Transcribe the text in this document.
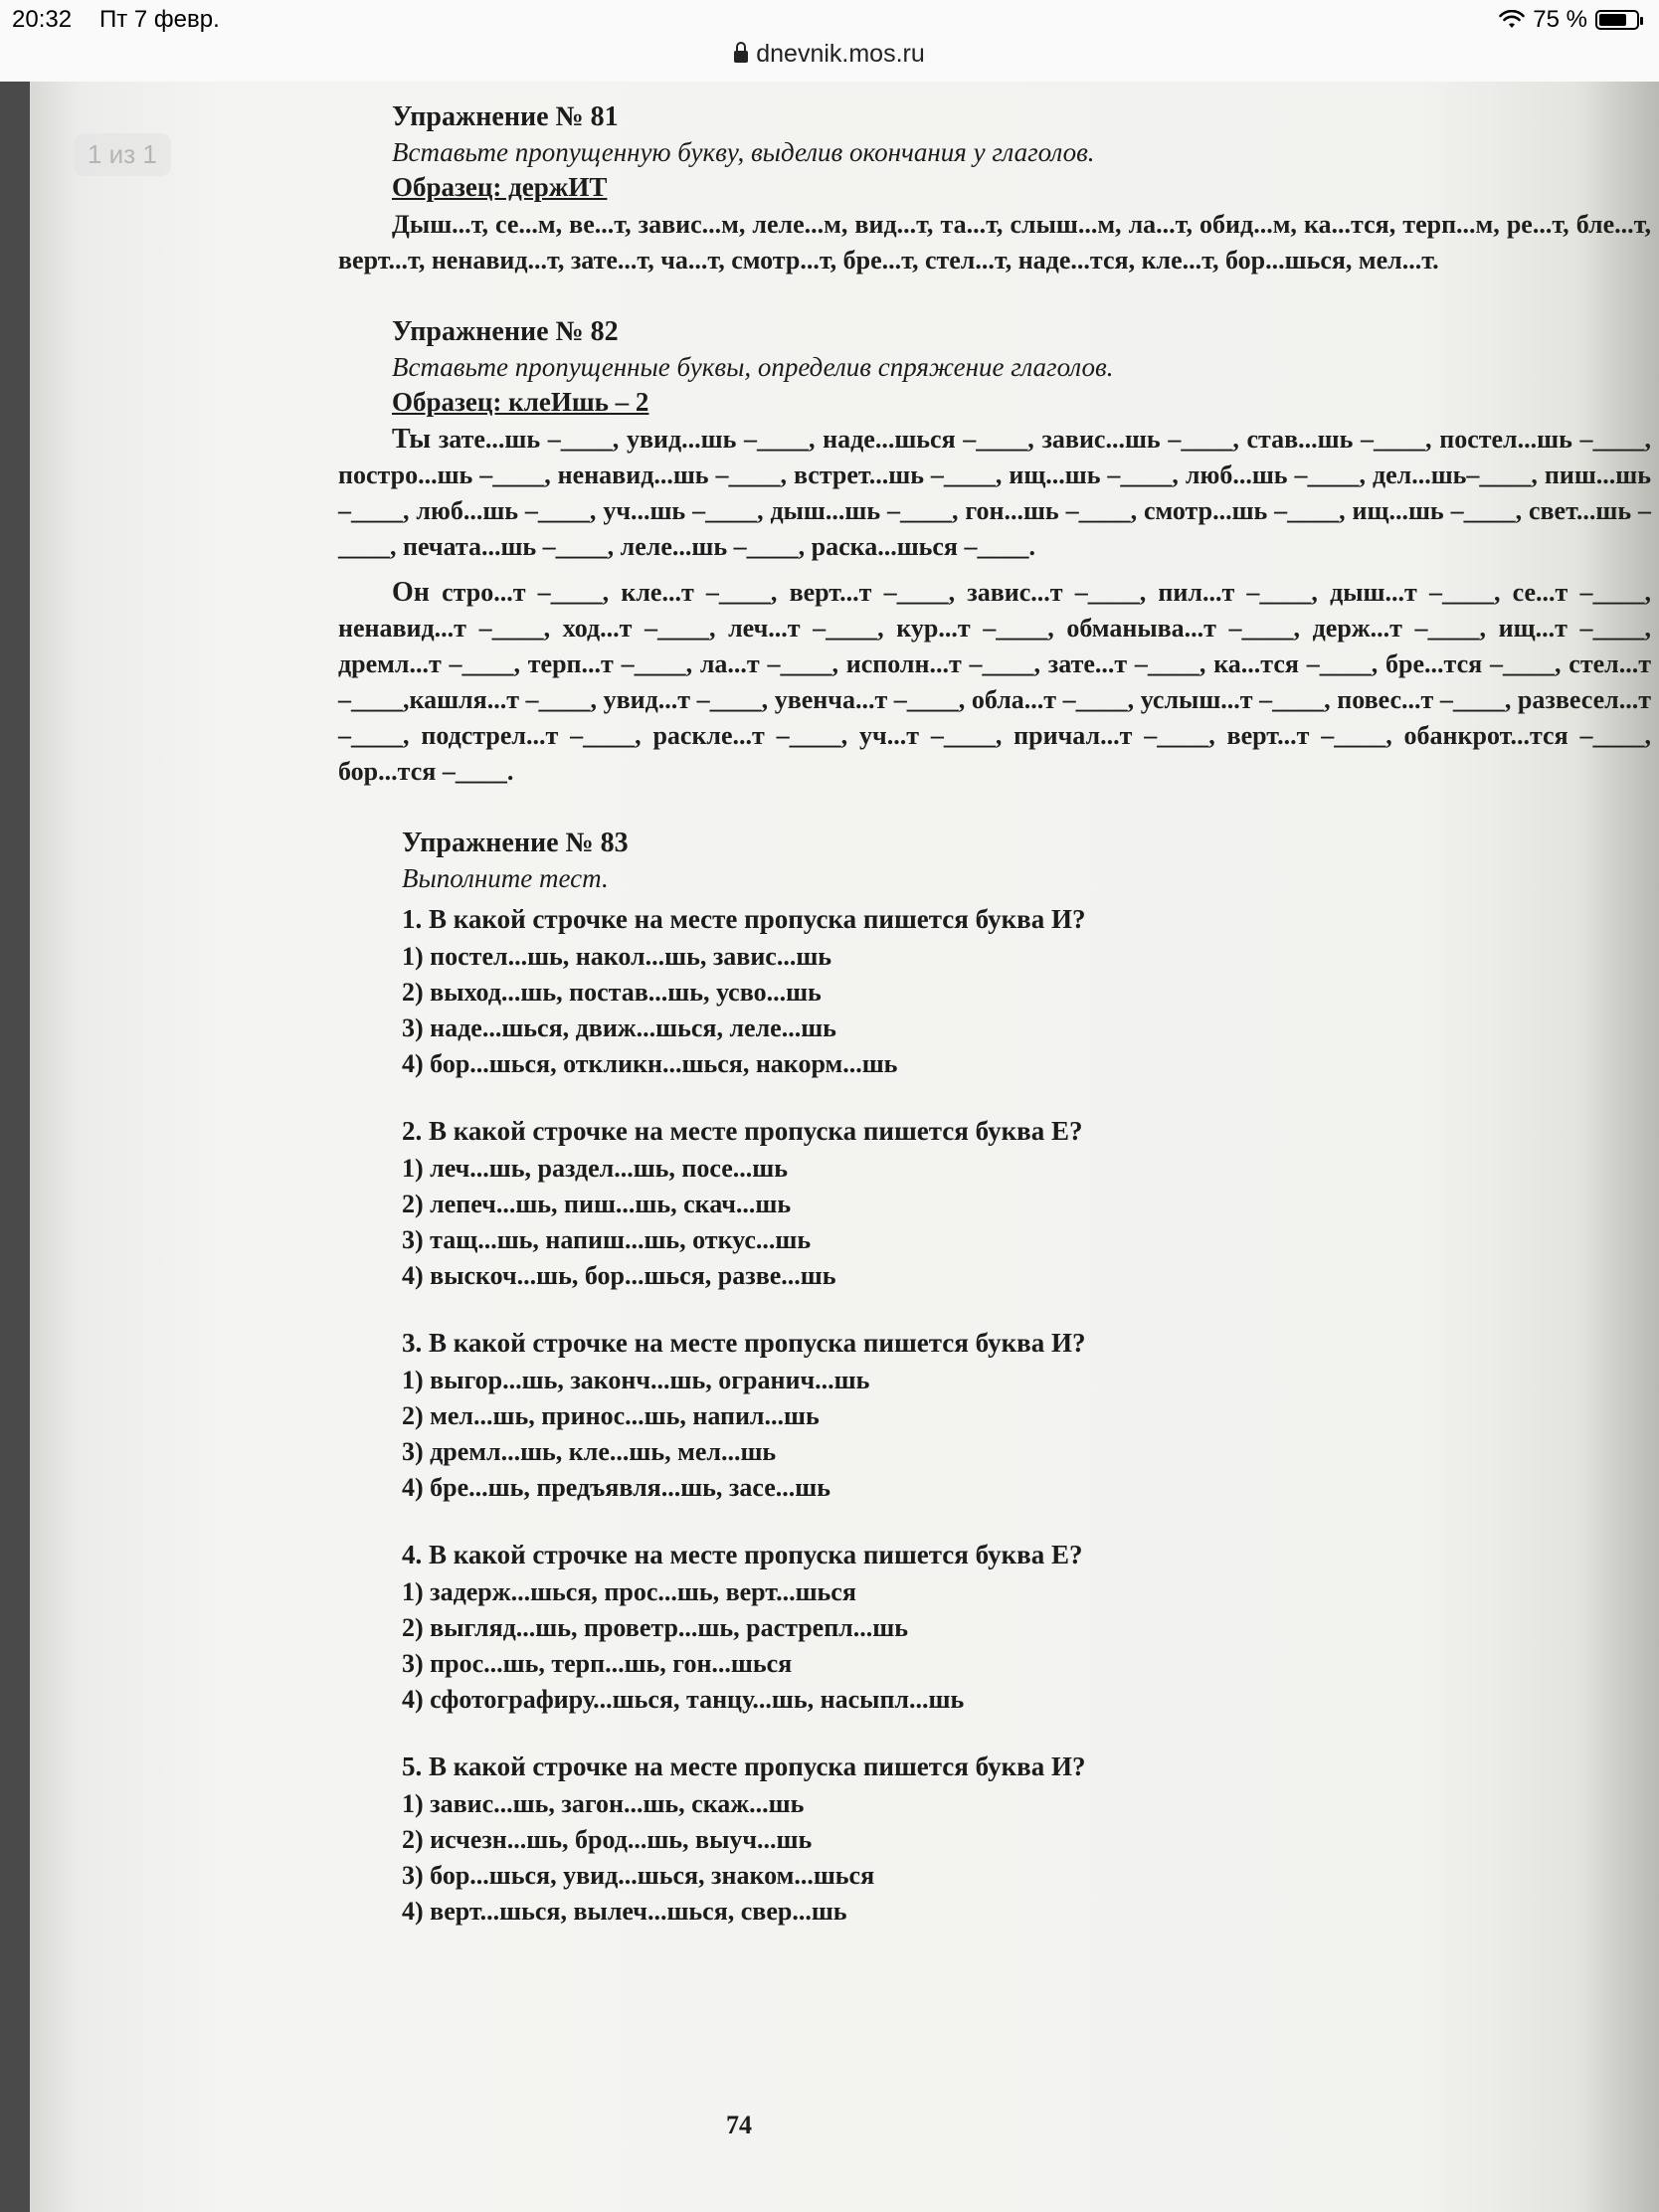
20:32 Пт 7 февр.	75 %
dnevnik.mos.ru
1 из 1
Упражнение № 81
Вставьте пропущенную букву, выделив окончания у глаголов.
Образец: держИТ
Дыш...т, се...м, ве...т, завис...м, леле...м, вид...т, та...т, слыш...м, ла...т, обид...м, ка...тся, терп...м, ре...т, бле...т, верт...т, ненавид...т, зате...т, ча...т, смотр...т, бре...т, стел...т, наде...тся, кле...т, бор...шься, мел...т.
Упражнение № 82
Вставьте пропущенные буквы, определив спряжение глаголов.
Образец: клеИшь – 2
Ты зате...шь –____, увид...шь –____, наде...шься –____, завис...шь –____, став...шь –____, постел...шь –____, постро...шь –____, ненавид...шь –____, встрет...шь –____, ищ...шь –____, люб...шь –____, дел...шь–____, пиш...шь –____, люб...шь –____, уч...шь –____, дыш...шь –____, гон...шь –____, смотр...шь –____, ищ...шь –____, свет...шь –____, печата...шь –____, леле...шь –____, раска...шься –____.
Он стро...т –____, кле...т –____, верт...т –____, завис...т –____, пил...т –____, дыш...т –____, се...т –____, ненавид...т –____, ход...т –____, леч...т –____, кур...т –____, обманыва...т –____, держ...т –____, ищ...т –____, дремл...т –____, терп...т –____, ла...т –____, исполн...т –____, зате...т –____, ка...тся –____, бре...тся –____, стел...т –____,кашля...т –____, увид...т –____, увенча...т –____, обла...т –____, услыш...т –____, повес...т –____, развесел...т –____, подстрел...т –____, раскле...т –____, уч...т –____, причал...т –____, верт...т –____, обанкрот...тся –____, бор...тся –____.
Упражнение № 83
Выполните тест.
1. В какой строчке на месте пропуска пишется буква И?
1) постел...шь, накол...шь, завис...шь
2) выход...шь, постав...шь, усво...шь
3) наде...шься, движ...шься, леле...шь
4) бор...шься, откликн...шься, накорм...шь
2. В какой строчке на месте пропуска пишется буква Е?
1) леч...шь, раздел...шь, посе...шь
2) лепеч...шь, пиш...шь, скач...шь
3) тащ...шь, напиш...шь, откус...шь
4) выскоч...шь, бор...шься, разве...шь
3. В какой строчке на месте пропуска пишется буква И?
1) выгор...шь, законч...шь, огранич...шь
2) мел...шь, принос...шь, напил...шь
3) дремл...шь, кле...шь, мел...шь
4) бре...шь, предъявля...шь, засе...шь
4. В какой строчке на месте пропуска пишется буква Е?
1) задерж...шься, прос...шь, верт...шься
2) выгляд...шь, проветр...шь, растрепл...шь
3) прос...шь, терп...шь, гон...шься
4) сфотографиру...шься, танцу...шь, насыпл...шь
5. В какой строчке на месте пропуска пишется буква И?
1) завис...шь, загон...шь, скаж...шь
2) исчезн...шь, брод...шь, выуч...шь
3) бор...шься, увид...шься, знаком...шься
4) верт...шься, вылеч...шься, свер...шь
74
